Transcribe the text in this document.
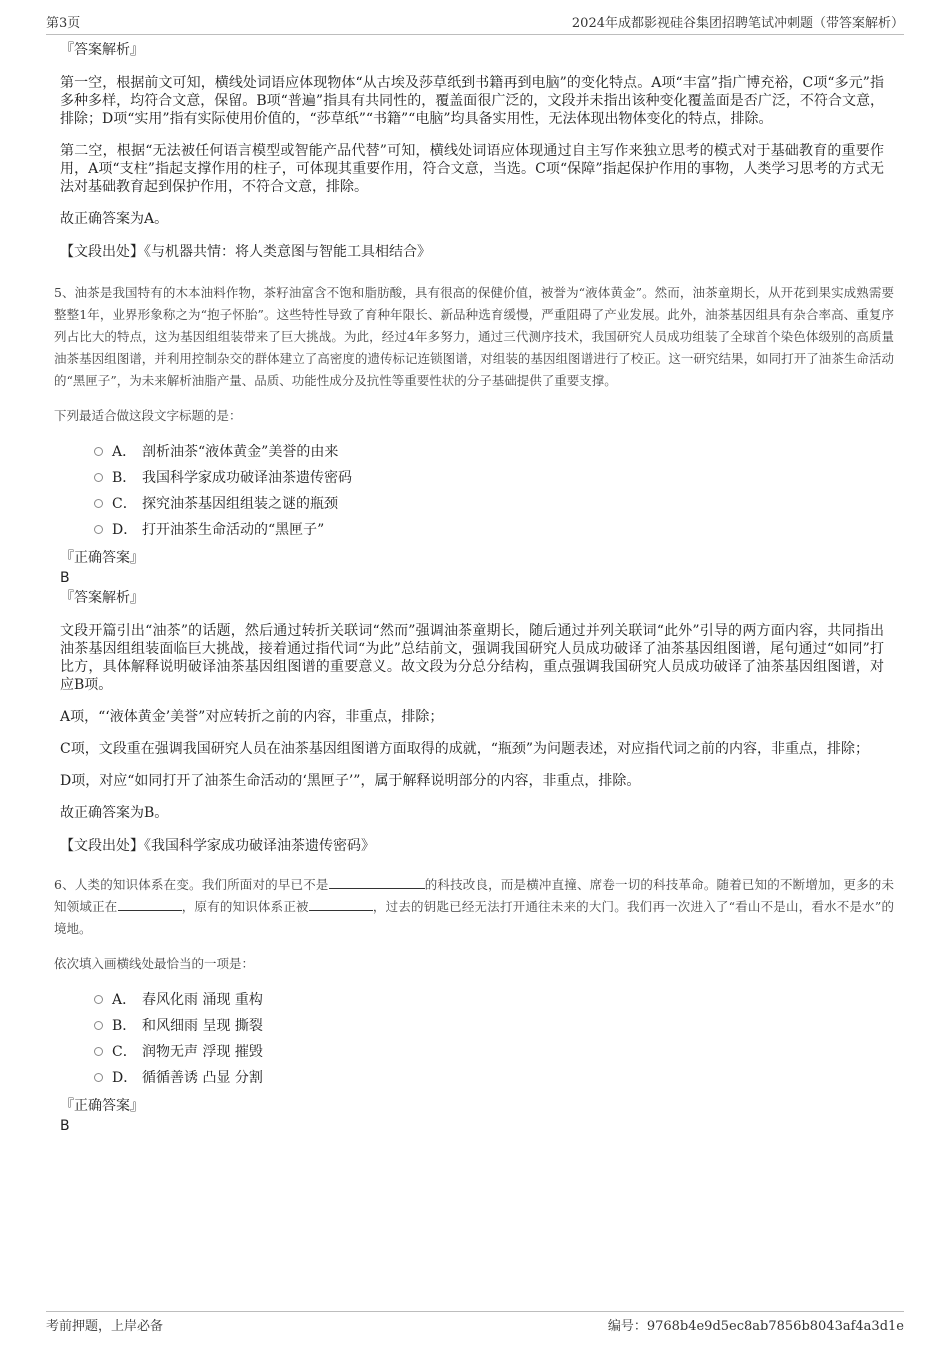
第3页	2024年成都影视硅谷集团招聘笔试冲刺题（带答案解析）
『答案解析』
第一空，根据前文可知，横线处词语应体现物体“从古埃及莎草纸到书籍再到电脑”的变化特点。A项“丰富”指广博充裕，C项“多元”指多种多样，均符合文意，保留。B项“普遍”指具有共同性的，覆盖面很广泛的，文段并未指出该种变化覆盖面是否广泛，不符合文意，排除；D项“实用”指有实际使用价值的，“莎草纸”“书籍”“电脑”均具备实用性，无法体现出物体变化的特点，排除。
第二空，根据“无法被任何语言模型或智能产品代替”可知，横线处词语应体现通过自主写作来独立思考的模式对于基础教育的重要作用，A项“支柱”指起支撑作用的柱子，可体现其重要作用，符合文意，当选。C项“保障”指起保护作用的事物，人类学习思考的方式无法对基础教育起到保护作用，不符合文意，排除。
故正确答案为A。
【文段出处】《与机器共情：将人类意图与智能工具相结合》
5、油茶是我国特有的木本油料作物，茶籽油富含不饱和脂肪酸，具有很高的保健价值，被誉为“液体黄金”。然而，油茶童期长，从开花到果实成熟需要整整1年，业界形象称之为“抱子怀胎”。这些特性导致了育种年限长、新品种选育缓慢，严重阻碍了产业发展。此外，油茶基因组具有杂合率高、重复序列占比大的特点，这为基因组组装带来了巨大挑战。为此，经过4年多努力，通过三代测序技术，我国研究人员成功组装了全球首个染色体级别的高质量油茶基因组图谱，并利用控制杂交的群体建立了高密度的遗传标记连锁图谱，对组装的基因组图谱进行了校正。这一研究结果，如同打开了油茶生命活动的“黑匣子”，为未来解析油脂产量、品质、功能性成分及抗性等重要性状的分子基础提供了重要支撑。
下列最适合做这段文字标题的是：
A． 剖析油茶“液体黄金”美誉的由来
B． 我国科学家成功破译油茶遗传密码
C． 探究油茶基因组组装之谜的瓶颈
D． 打开油茶生命活动的“黑匣子”
『正确答案』
B
『答案解析』
文段开篇引出“油茶”的话题，然后通过转折关联词“然而”强调油茶童期长，随后通过并列关联词“此外”引导的两方面内容，共同指出油茶基因组组装面临巨大挑战，接着通过指代词“为此”总结前文，强调我国研究人员成功破译了油茶基因组图谱，尾句通过“如同”打比方，具体解释说明破译油茶基因组图谱的重要意义。故文段为分总分结构，重点强调我国研究人员成功破译了油茶基因组图谱，对应B项。
A项，“‘液体黄金’美誉”对应转折之前的内容，非重点，排除；
C项，文段重在强调我国研究人员在油茶基因组图谱方面取得的成就，“瓶颈”为问题表述，对应指代词之前的内容，非重点，排除；
D项，对应“如同打开了油茶生命活动的‘黑匣子’”，属于解释说明部分的内容，非重点，排除。
故正确答案为B。
【文段出处】《我国科学家成功破译油茶遗传密码》
6、人类的知识体系在变。我们所面对的早已不是	的科技改良，而是横冲直撞、席卷一切的科技革命。随着已知的不断增加，更多的未知领域正在	，原有的知识体系正被	，过去的钥匙已经无法打开通往未来的大门。我们再一次进入了“看山不是山，看水不是水”的境地。
依次填入画横线处最恰当的一项是：
A． 春风化雨 涌现 重构
B． 和风细雨 呈现 撕裂
C． 润物无声 浮现 摧毁
D． 循循善诱 凸显 分割
『正确答案』
B
考前押题，上岸必备	编号：9768b4e9d5ec8ab7856b8043af4a3d1e
